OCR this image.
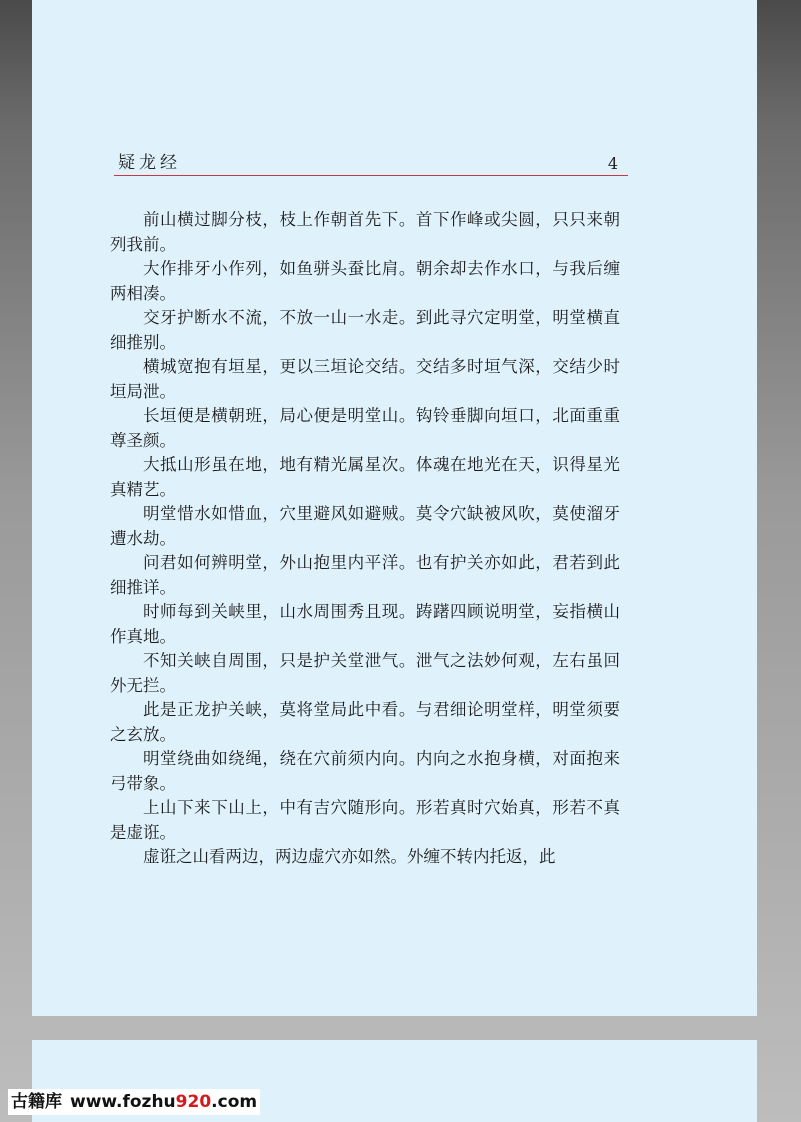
疑龙经	4

前山横过脚分枝，枝上作朝首先下。首下作峰或尖圆，只只来朝列我前。

大作排牙小作列，如鱼骈头蚕比肩。朝余却去作水口，与我后缠两相凑。

交牙护断水不流，不放一山一水走。到此寻穴定明堂，明堂横直细推别。

横城宽抱有垣星，更以三垣论交结。交结多时垣气深，交结少时垣局泄。

长垣便是横朝班，局心便是明堂山。钩铃垂脚向垣口，北面重重尊圣颜。

大抵山形虽在地，地有精光属星次。体魂在地光在天，识得星光真精艺。

明堂惜水如惜血，穴里避风如避贼。莫令穴缺被风吹，莫使溜牙遭水劫。

问君如何辨明堂，外山抱里内平洋。也有护关亦如此，君若到此细推详。

时师每到关峡里，山水周围秀且现。踌躇四顾说明堂，妄指横山作真地。

不知关峡自周围，只是护关堂泄气。泄气之法妙何观，左右虽回外无拦。

此是正龙护关峡，莫将堂局此中看。与君细论明堂样，明堂须要之玄放。

明堂绕曲如绕绳，绕在穴前须内向。内向之水抱身横，对面抱来弓带象。

上山下来下山上，中有吉穴随形向。形若真时穴始真，形若不真是虚诳。

虚诳之山看两边，两边虚穴亦如然。外缠不转内托返，此

古籍库 www.fozhu920.com
